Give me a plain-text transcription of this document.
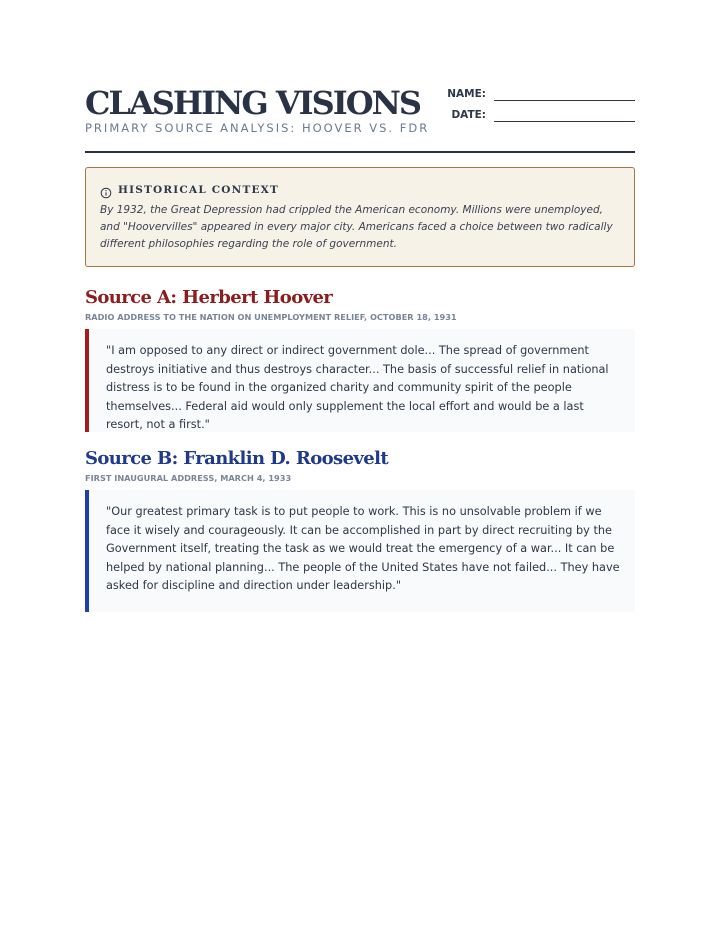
CLASHING VISIONS
PRIMARY SOURCE ANALYSIS: HOOVER VS. FDR
NAME:
DATE:
HISTORICAL CONTEXT
By 1932, the Great Depression had crippled the American economy. Millions were unemployed, and "Hoovervilles" appeared in every major city. Americans faced a choice between two radically different philosophies regarding the role of government.
Source A: Herbert Hoover
RADIO ADDRESS TO THE NATION ON UNEMPLOYMENT RELIEF, OCTOBER 18, 1931
"I am opposed to any direct or indirect government dole... The spread of government destroys initiative and thus destroys character... The basis of successful relief in national distress is to be found in the organized charity and community spirit of the people themselves... Federal aid would only supplement the local effort and would be a last resort, not a first."
Source B: Franklin D. Roosevelt
FIRST INAUGURAL ADDRESS, MARCH 4, 1933
"Our greatest primary task is to put people to work. This is no unsolvable problem if we face it wisely and courageously. It can be accomplished in part by direct recruiting by the Government itself, treating the task as we would treat the emergency of a war... It can be helped by national planning... The people of the United States have not failed... They have asked for discipline and direction under leadership."
